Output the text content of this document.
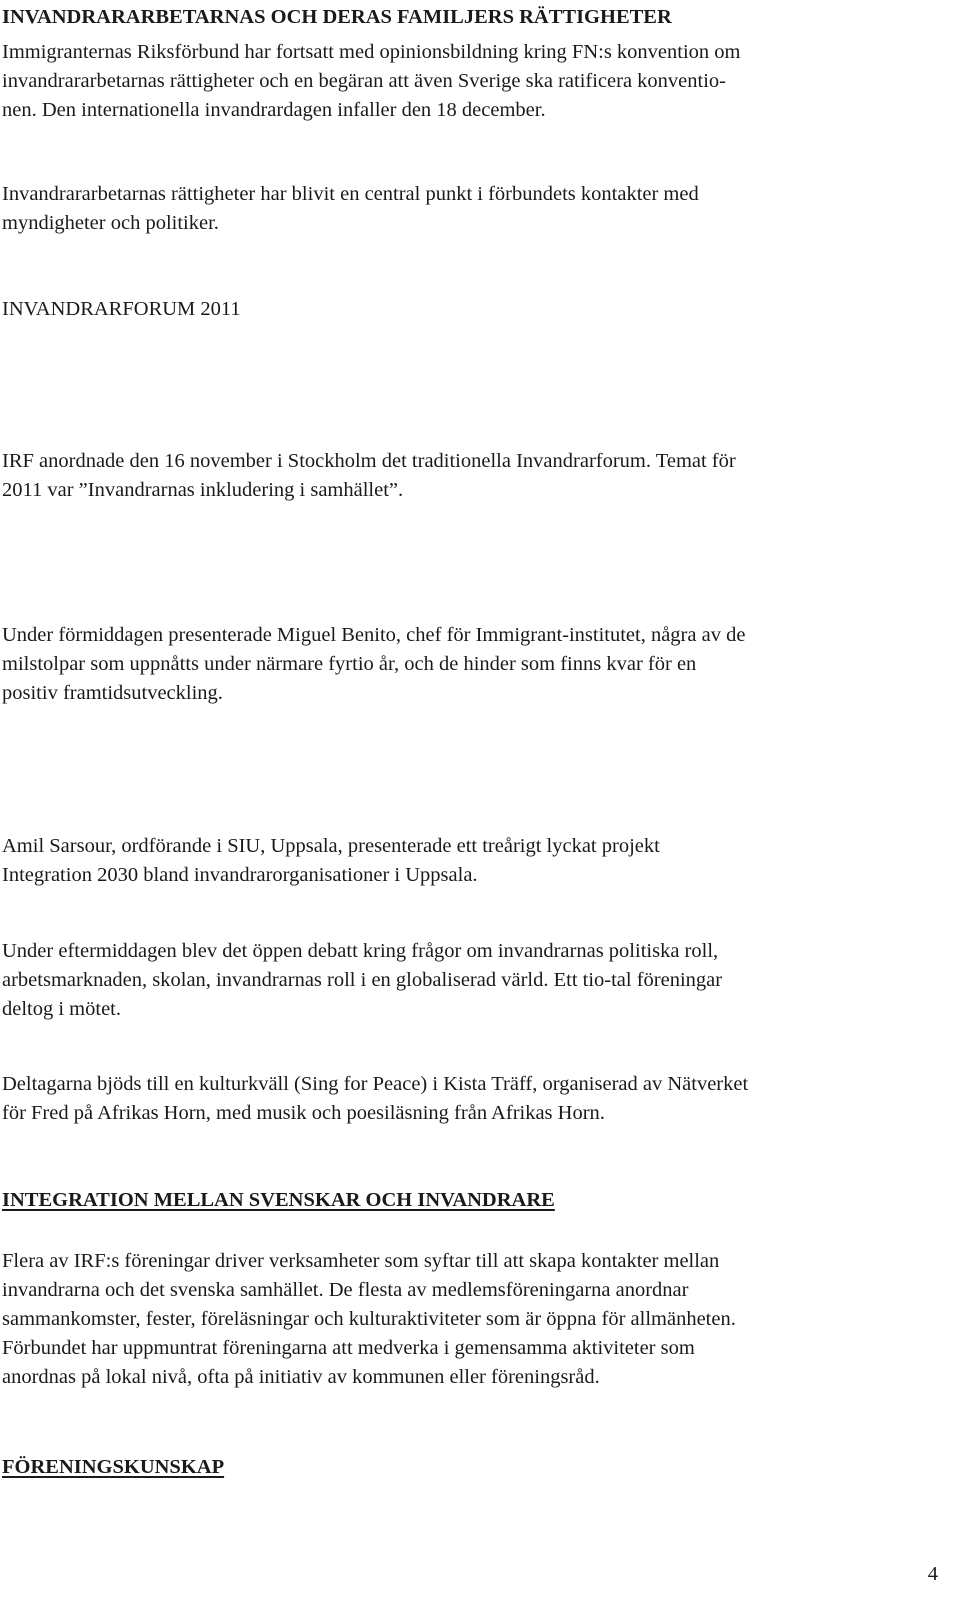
INVANDRARARBETARNAS OCH DERAS FAMILJERS RÄTTIGHETER

Immigranternas Riksförbund har fortsatt med opinionsbildning kring FN:s konvention om
invandrararbetarnas rättigheter och en begäran att även Sverige ska ratificera konventio-
nen. Den internationella invandrardagen infaller den 18 december.

Invandrararbetarnas rättigheter har blivit en central punkt i förbundets kontakter med
myndigheter och politiker.

INVANDRARFORUM 2011

IRF anordnade den 16 november i Stockholm det traditionella Invandrarforum. Temat för
2011 var ”Invandrarnas inkludering i samhället”.

Under förmiddagen presenterade Miguel Benito, chef för Immigrant-institutet, några av de
milstolpar som uppnåtts under närmare fyrtio år, och de hinder som finns kvar för en
positiv framtidsutveckling.

Amil Sarsour, ordförande i SIU, Uppsala, presenterade ett treårigt lyckat projekt
Integration 2030 bland invandrarorganisationer i Uppsala.

Under eftermiddagen blev det öppen debatt kring frågor om invandrarnas politiska roll,
arbetsmarknaden, skolan, invandrarnas roll i en globaliserad värld. Ett tio-tal föreningar
deltog i mötet.

Deltagarna bjöds till en kulturkväll (Sing for Peace) i Kista Träff, organiserad av Nätverket
för Fred på Afrikas Horn, med musik och poesiläsning från Afrikas Horn.

INTEGRATION MELLAN SVENSKAR OCH INVANDRARE

Flera av IRF:s föreningar driver verksamheter som syftar till att skapa kontakter mellan
invandrarna och det svenska samhället. De flesta av medlemsföreningarna anordnar
sammankomster, fester, föreläsningar och kulturaktiviteter som är öppna för allmänheten.
Förbundet har uppmuntrat föreningarna att medverka i gemensamma aktiviteter som
anordnas på lokal nivå, ofta på initiativ av kommunen eller föreningsråd.

FÖRENINGSKUNSKAP
4
